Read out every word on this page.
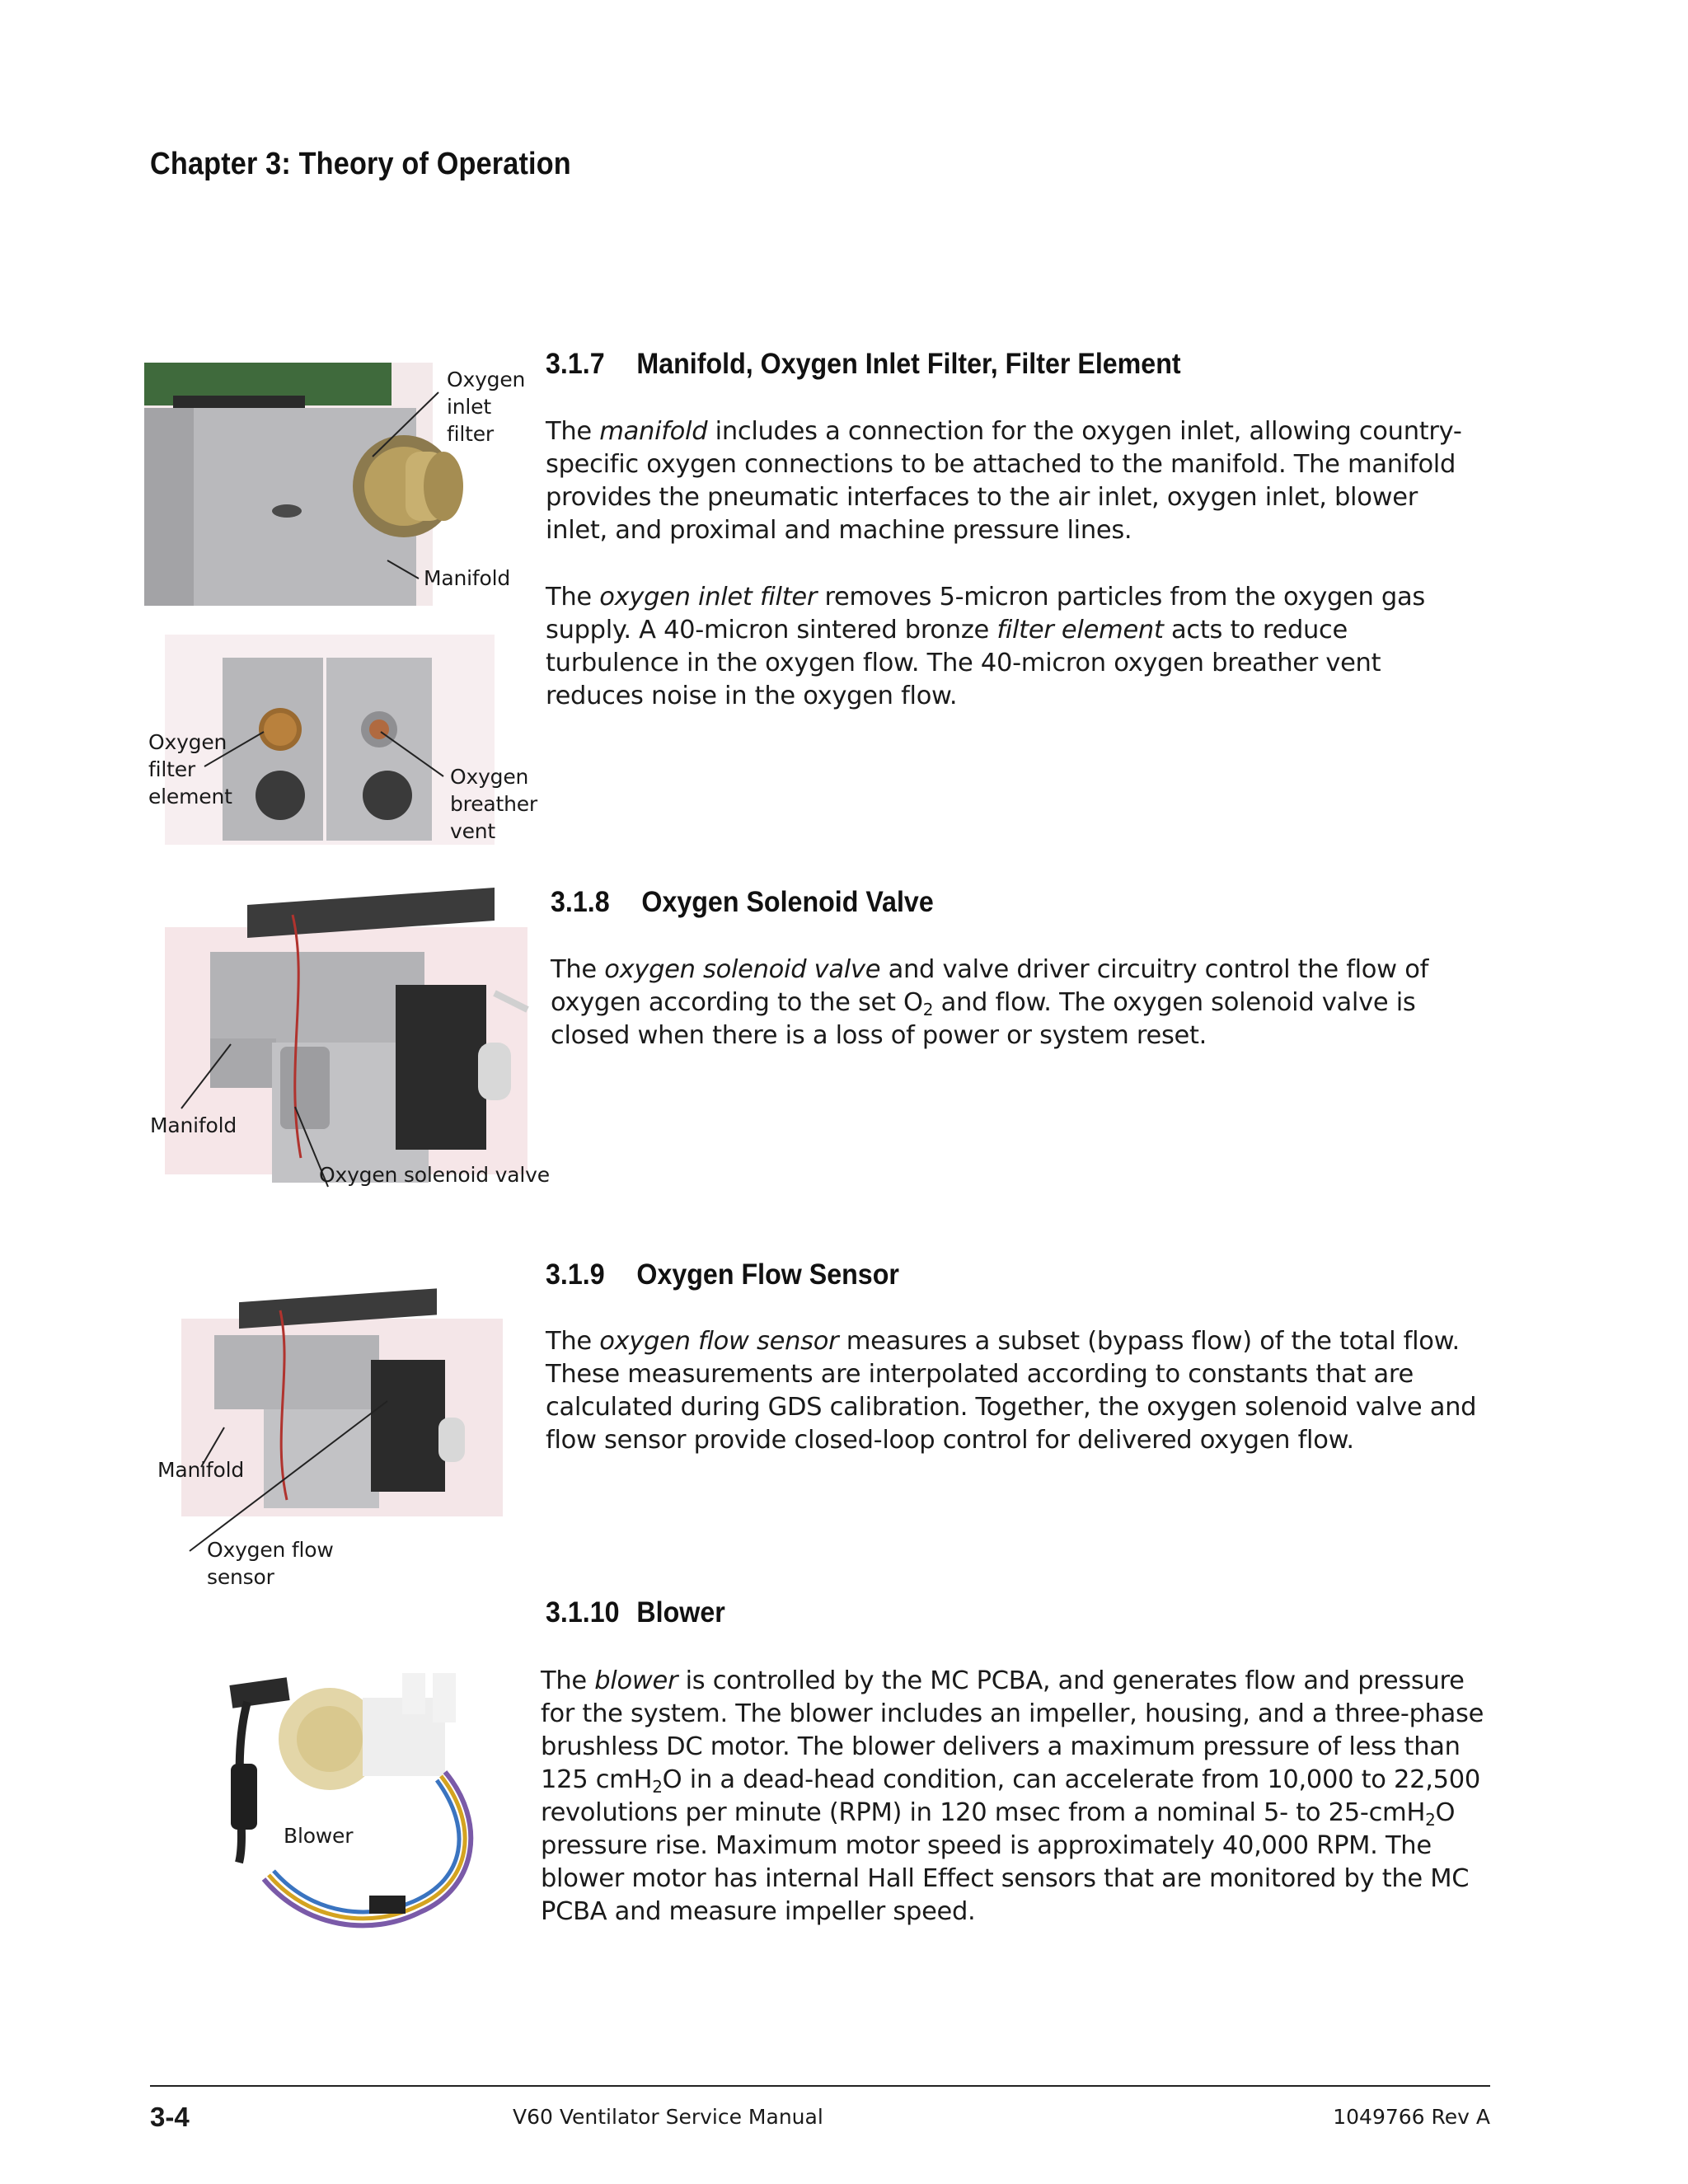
Chapter 3: Theory of Operation
3.1.7 Manifold, Oxygen Inlet Filter, Filter Element
The manifold includes a connection for the oxygen inlet, allowing country-specific oxygen connections to be attached to the manifold. The manifold provides the pneumatic interfaces to the air inlet, oxygen inlet, blower inlet, and proximal and machine pressure lines.
The oxygen inlet filter removes 5-micron particles from the oxygen gas supply. A 40-micron sintered bronze filter element acts to reduce turbulence in the oxygen flow. The 40-micron oxygen breather vent reduces noise in the oxygen flow.
Oxygen
inlet
filter
Manifold
Oxygen
filter
element
Oxygen
breather
vent
3.1.8 Oxygen Solenoid Valve
The oxygen solenoid valve and valve driver circuitry control the flow of oxygen according to the set $O_2$ and flow. The oxygen solenoid valve is closed when there is a loss of power or system reset.
Manifold
Oxygen solenoid valve
3.1.9 Oxygen Flow Sensor
The oxygen flow sensor measures a subset (bypass flow) of the total flow. These measurements are interpolated according to constants that are calculated during GDS calibration. Together, the oxygen solenoid valve and flow sensor provide closed-loop control for delivered oxygen flow.
Manifold
Oxygen flow
sensor
3.1.10 Blower
The blower is controlled by the MC PCBA, and generates flow and pressure for the system. The blower includes an impeller, housing, and a three-phase brushless DC motor. The blower delivers a maximum pressure of less than 125 cmH$_2$O in a dead-head condition, can accelerate from 10,000 to 22,500 revolutions per minute (RPM) in 120 msec from a nominal 5- to 25-cmH$_2$O pressure rise. Maximum motor speed is approximately 40,000 RPM. The blower motor has internal Hall Effect sensors that are monitored by the MC PCBA and measure impeller speed.
Blower
3-4	V60 Ventilator Service Manual	1049766 Rev A
